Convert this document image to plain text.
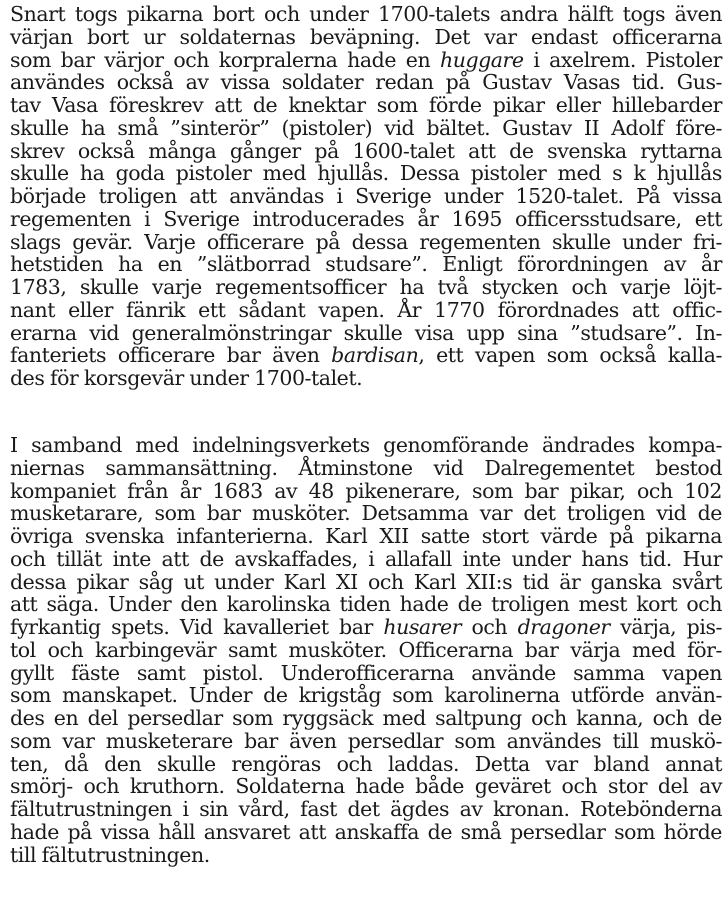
Snart togs pikarna bort och under 1700-talets andra hälft togs även
värjan bort ur soldaternas beväpning. Det var endast officerarna
som bar värjor och korpralerna hade en huggare i axelrem. Pistoler
användes också av vissa soldater redan på Gustav Vasas tid. Gus-
tav Vasa föreskrev att de knektar som förde pikar eller hillebarder
skulle ha små ”sinterör” (pistoler) vid bältet. Gustav II Adolf före-
skrev också många gånger på 1600-talet att de svenska ryttarna
skulle ha goda pistoler med hjullås. Dessa pistoler med s k hjullås
började troligen att användas i Sverige under 1520-talet. På vissa
regementen i Sverige introducerades år 1695 officersstudsare, ett
slags gevär. Varje officerare på dessa regementen skulle under fri-
hetstiden ha en ”slätborrad studsare”. Enligt förordningen av år
1783, skulle varje regementsofficer ha två stycken och varje löjt-
nant eller fänrik ett sådant vapen. År 1770 förordnades att offic-
erarna vid generalmönstringar skulle visa upp sina ”studsare”. In-
fanteriets officerare bar även bardisan, ett vapen som också kalla-
des för korsgevär under 1700-talet.
I samband med indelningsverkets genomförande ändrades kompa-
niernas sammansättning. Åtminstone vid Dalregementet bestod
kompaniet från år 1683 av 48 pikenerare, som bar pikar, och 102
musketarare, som bar musköter. Detsamma var det troligen vid de
övriga svenska infanterierna. Karl XII satte stort värde på pikarna
och tillät inte att de avskaffades, i allafall inte under hans tid. Hur
dessa pikar såg ut under Karl XI och Karl XII:s tid är ganska svårt
att säga. Under den karolinska tiden hade de troligen mest kort och
fyrkantig spets. Vid kavalleriet bar husarer och dragoner värja, pis-
tol och karbingevär samt musköter. Officerarna bar värja med för-
gyllt fäste samt pistol. Underofficerarna använde samma vapen
som manskapet. Under de krigståg som karolinerna utförde använ-
des en del persedlar som ryggsäck med saltpung och kanna, och de
som var musketerare bar även persedlar som användes till muskö-
ten, då den skulle rengöras och laddas. Detta var bland annat
smörj- och kruthorn. Soldaterna hade både geväret och stor del av
fältutrustningen i sin vård, fast det ägdes av kronan. Rotebönderna
hade på vissa håll ansvaret att anskaffa de små persedlar som hörde
till fältutrustningen.
